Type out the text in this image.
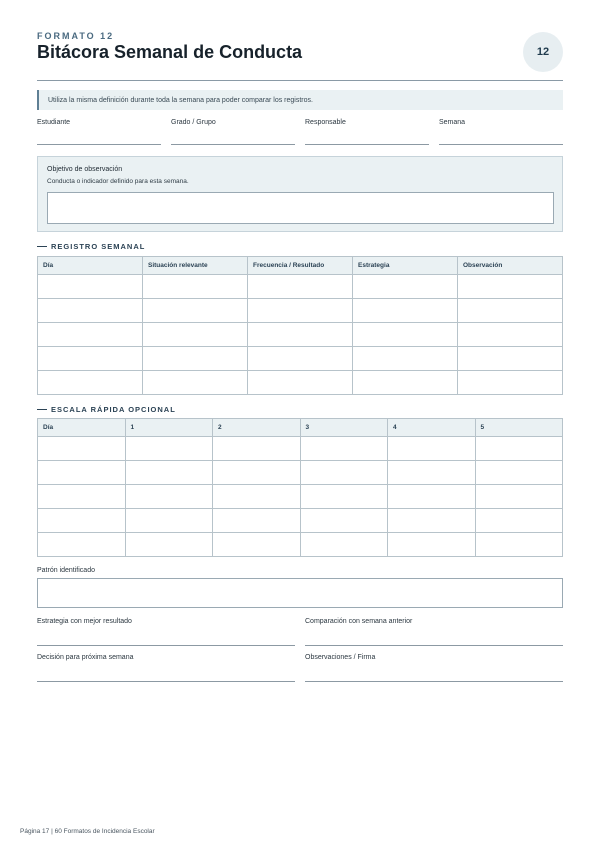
FORMATO 12
Bitácora Semanal de Conducta	12
Utiliza la misma definición durante toda la semana para poder comparar los registros.
Estudiante	Grado / Grupo	Responsable	Semana
Objetivo de observación
Conducta o indicador definido para esta semana.
REGISTRO SEMANAL
Día	Situación relevante	Frecuencia / Resultado	Estrategia	Observación

ESCALA RÁPIDA OPCIONAL
Día	1	2	3	4	5

Patrón identificado
Estrategia con mejor resultado	Comparación con semana anterior
Decisión para próxima semana	Observaciones / Firma
Página 17 | 60 Formatos de Incidencia Escolar
